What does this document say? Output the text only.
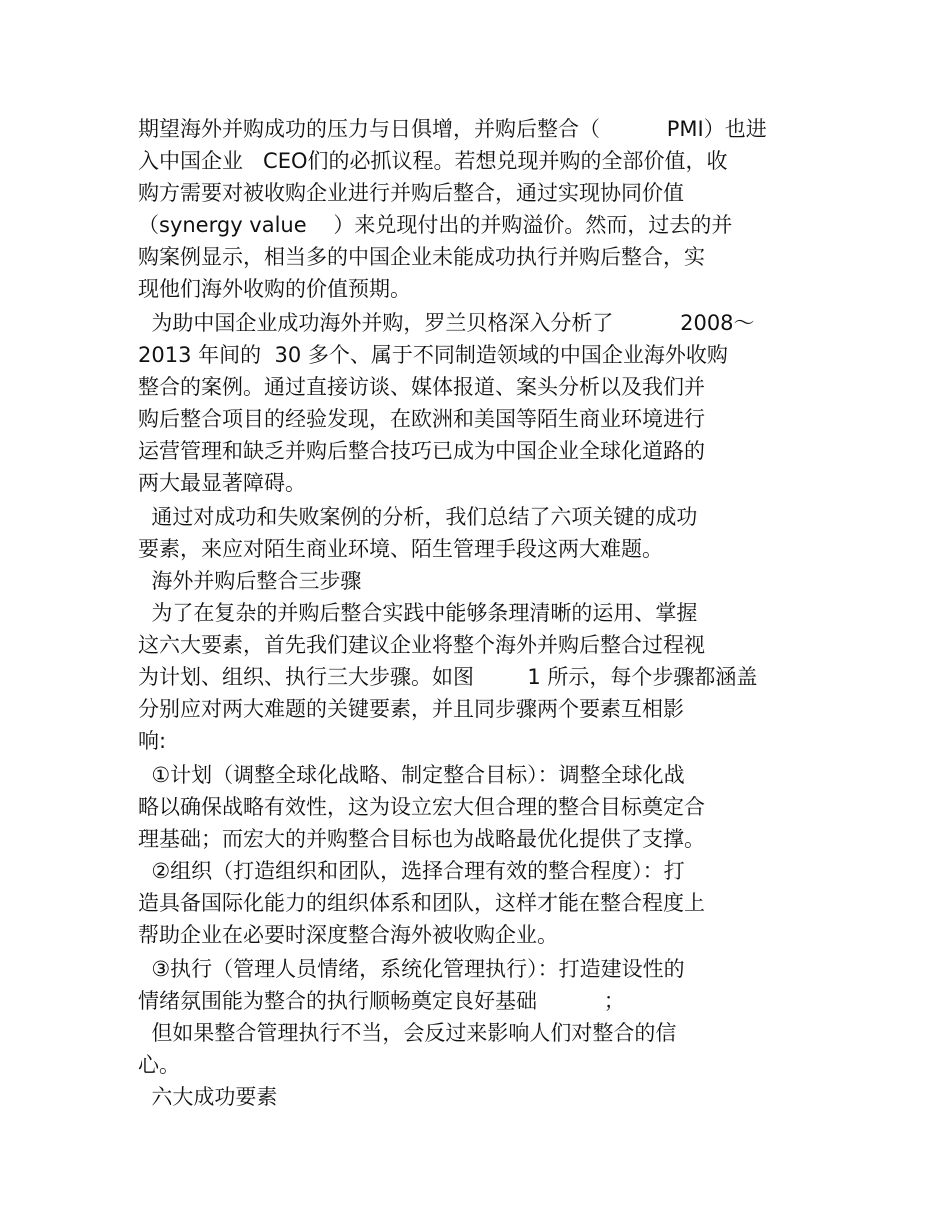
期望海外并购成功的压力与日俱增，并购后整合（          PMI）也进
入中国企业   CEO们的必抓议程。若想兑现并购的全部价值，收
购方需要对被收购企业进行并购后整合，通过实现协同价值
（synergy value    ）来兑现付出的并购溢价。然而，过去的并
购案例显示，相当多的中国企业未能成功执行并购后整合，实
现他们海外收购的价值预期。
为助中国企业成功海外并购，罗兰贝格深入分析了          2008～
2013 年间的  30 多个、属于不同制造领域的中国企业海外收购
整合的案例。通过直接访谈、媒体报道、案头分析以及我们并
购后整合项目的经验发现，在欧洲和美国等陌生商业环境进行
运营管理和缺乏并购后整合技巧已成为中国企业全球化道路的
两大最显著障碍。
通过对成功和失败案例的分析，我们总结了六项关键的成功
要素，来应对陌生商业环境、陌生管理手段这两大难题。
海外并购后整合三步骤
为了在复杂的并购后整合实践中能够条理清晰的运用、掌握
这六大要素，首先我们建议企业将整个海外并购后整合过程视
为计划、组织、执行三大步骤。如图        1 所示，每个步骤都涵盖
分别应对两大难题的关键要素，并且同步骤两个要素互相影
响:
①计划（调整全球化战略、制定整合目标）：调整全球化战
略以确保战略有效性，这为设立宏大但合理的整合目标奠定合
理基础；而宏大的并购整合目标也为战略最优化提供了支撑。
②组织（打造组织和团队，选择合理有效的整合程度）：打
造具备国际化能力的组织体系和团队，这样才能在整合程度上
帮助企业在必要时深度整合海外被收购企业。
③执行（管理人员情绪，系统化管理执行）：打造建设性的
情绪氛围能为整合的执行顺畅奠定良好基础          ；
但如果整合管理执行不当，会反过来影响人们对整合的信
心。
六大成功要素
